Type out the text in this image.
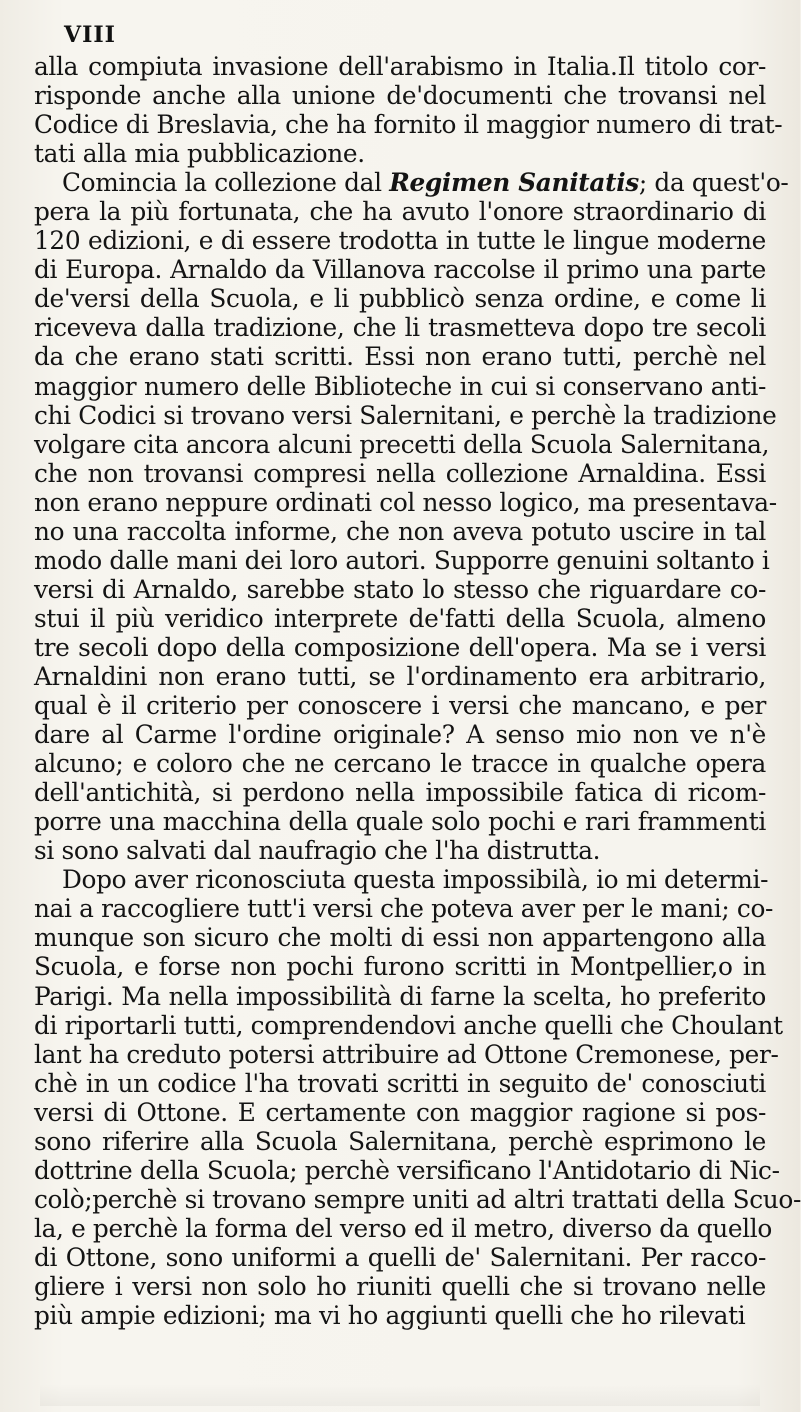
VIII
alla compiuta invasione dell'arabismo in Italia.Il titolo cor-
risponde anche alla unione de'documenti che trovansi nel
Codice di Breslavia, che ha fornito il maggior numero di trat-
tati alla mia pubblicazione.
Comincia la collezione dal Regimen Sanitatis; da quest'o-
pera la più fortunata, che ha avuto l'onore straordinario di
120 edizioni, e di essere trodotta in tutte le lingue moderne
di Europa. Arnaldo da Villanova raccolse il primo una parte
de'versi della Scuola, e li pubblicò senza ordine, e come li
riceveva dalla tradizione, che li trasmetteva dopo tre secoli
da che erano stati scritti. Essi non erano tutti, perchè nel
maggior numero delle Biblioteche in cui si conservano anti-
chi Codici si trovano versi Salernitani, e perchè la tradizione
volgare cita ancora alcuni precetti della Scuola Salernitana,
che non trovansi compresi nella collezione Arnaldina. Essi
non erano neppure ordinati col nesso logico, ma presentava-
no una raccolta informe, che non aveva potuto uscire in tal
modo dalle mani dei loro autori. Supporre genuini soltanto i
versi di Arnaldo, sarebbe stato lo stesso che riguardare co-
stui il più veridico interprete de'fatti della Scuola, almeno
tre secoli dopo della composizione dell'opera. Ma se i versi
Arnaldini non erano tutti, se l'ordinamento era arbitrario,
qual è il criterio per conoscere i versi che mancano, e per
dare al Carme l'ordine originale? A senso mio non ve n'è
alcuno; e coloro che ne cercano le tracce in qualche opera
dell'antichità, si perdono nella impossibile fatica di ricom-
porre una macchina della quale solo pochi e rari frammenti
si sono salvati dal naufragio che l'ha distrutta.
Dopo aver riconosciuta questa impossibilà, io mi determi-
nai a raccogliere tutt'i versi che poteva aver per le mani; co-
munque son sicuro che molti di essi non appartengono alla
Scuola, e forse non pochi furono scritti in Montpellier,o in
Parigi. Ma nella impossibilità di farne la scelta, ho preferito
di riportarli tutti, comprendendovi anche quelli che Choulant
lant ha creduto potersi attribuire ad Ottone Cremonese, per-
chè in un codice l'ha trovati scritti in seguito de' conosciuti
versi di Ottone. E certamente con maggior ragione si pos-
sono riferire alla Scuola Salernitana, perchè esprimono le
dottrine della Scuola; perchè versificano l'Antidotario di Nic-
colò;perchè si trovano sempre uniti ad altri trattati della Scuo-
la, e perchè la forma del verso ed il metro, diverso da quello
di Ottone, sono uniformi a quelli de' Salernitani. Per racco-
gliere i versi non solo ho riuniti quelli che si trovano nelle
più ampie edizioni; ma vi ho aggiunti quelli che ho rilevati
